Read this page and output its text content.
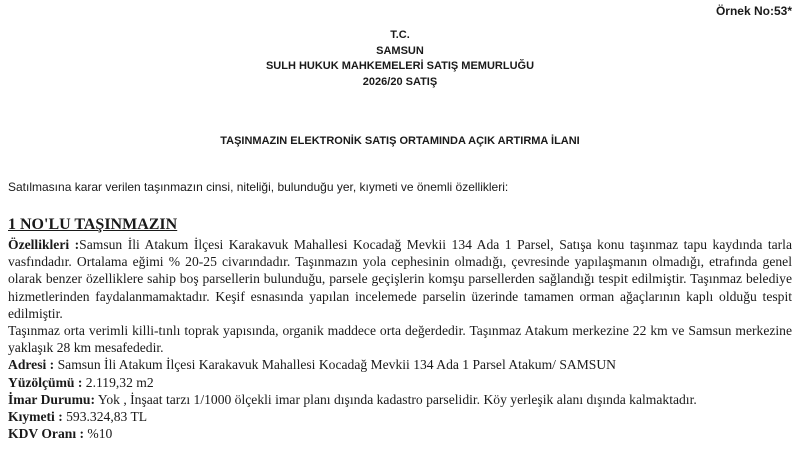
Örnek No:53*
T.C.
SAMSUN
SULH HUKUK MAHKEMELERİ SATIŞ MEMURLUĞU
2026/20 SATIŞ
TAŞINMAZIN ELEKTRONİK SATIŞ ORTAMINDA AÇIK ARTIRMA İLANI
Satılmasına karar verilen taşınmazın cinsi, niteliği, bulunduğu yer, kıymeti ve önemli özellikleri:
1 NO'LU TAŞINMAZIN

Özellikleri :Samsun İli Atakum İlçesi Karakavuk Mahallesi Kocadağ Mevkii 134 Ada 1 Parsel, Satışa konu taşınmaz tapu kaydında tarla vasfındadır. Ortalama eğimi % 20-25 civarındadır. Taşınmazın yola cephesinin olmadığı, çevresinde yapılaşmanın olmadığı, etrafında genel olarak benzer özelliklere sahip boş parsellerin bulunduğu, parsele geçişlerin komşu parsellerden sağlandığı tespit edilmiştir. Taşınmaz belediye hizmetlerinden faydalanmamaktadır. Keşif esnasında yapılan incelemede parselin üzerinde tamamen orman ağaçlarının kaplı olduğu tespit edilmiştir.

Taşınmaz orta verimli killi-tınlı toprak yapısında, organik maddece orta değerdedir. Taşınmaz Atakum merkezine 22 km ve Samsun merkezine yaklaşık 28 km mesafededir.

Adresi : Samsun İli Atakum İlçesi Karakavuk Mahallesi Kocadağ Mevkii 134 Ada 1 Parsel Atakum/ SAMSUN

Yüzölçümü : 2.119,32 m2

İmar Durumu: Yok , İnşaat tarzı 1/1000 ölçekli imar planı dışında kadastro parselidir. Köy yerleşik alanı dışında kalmaktadır.

Kıymeti : 593.324,83 TL

KDV Oranı : %10
